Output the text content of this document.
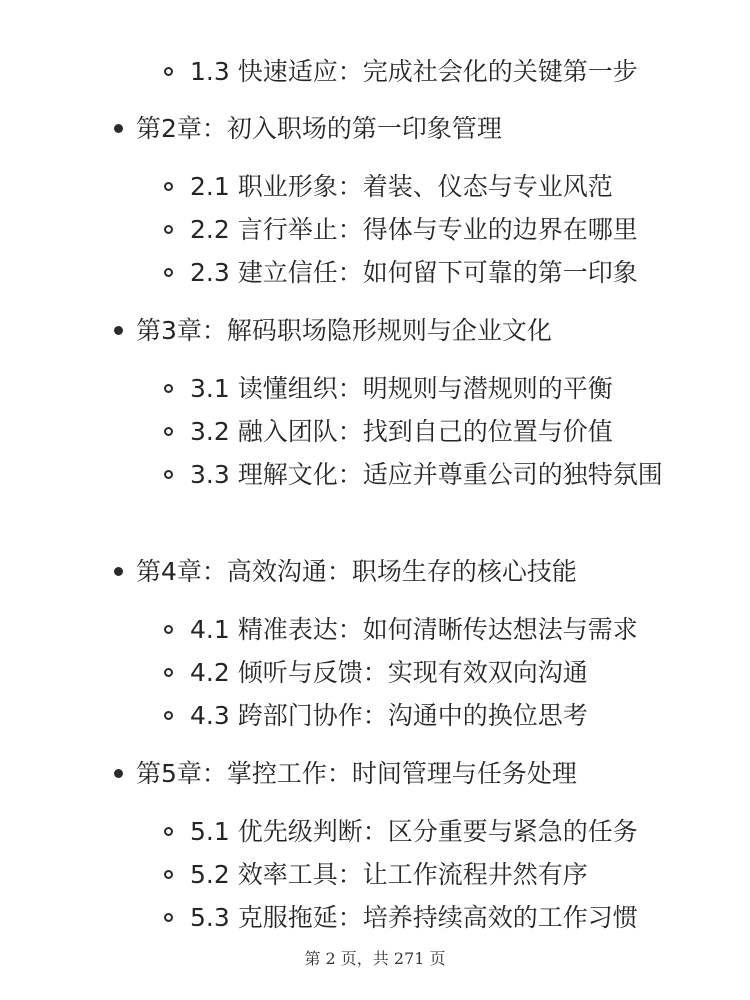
1.3 快速适应：完成社会化的关键第一步
第2章：初入职场的第一印象管理
2.1 职业形象：着装、仪态与专业风范
2.2 言行举止：得体与专业的边界在哪里
2.3 建立信任：如何留下可靠的第一印象
第3章：解码职场隐形规则与企业文化
3.1 读懂组织：明规则与潜规则的平衡
3.2 融入团队：找到自己的位置与价值
3.3 理解文化：适应并尊重公司的独特氛围
第4章：高效沟通：职场生存的核心技能
4.1 精准表达：如何清晰传达想法与需求
4.2 倾听与反馈：实现有效双向沟通
4.3 跨部门协作：沟通中的换位思考
第5章：掌控工作：时间管理与任务处理
5.1 优先级判断：区分重要与紧急的任务
5.2 效率工具：让工作流程井然有序
5.3 克服拖延：培养持续高效的工作习惯
第 2 页，共 271 页
